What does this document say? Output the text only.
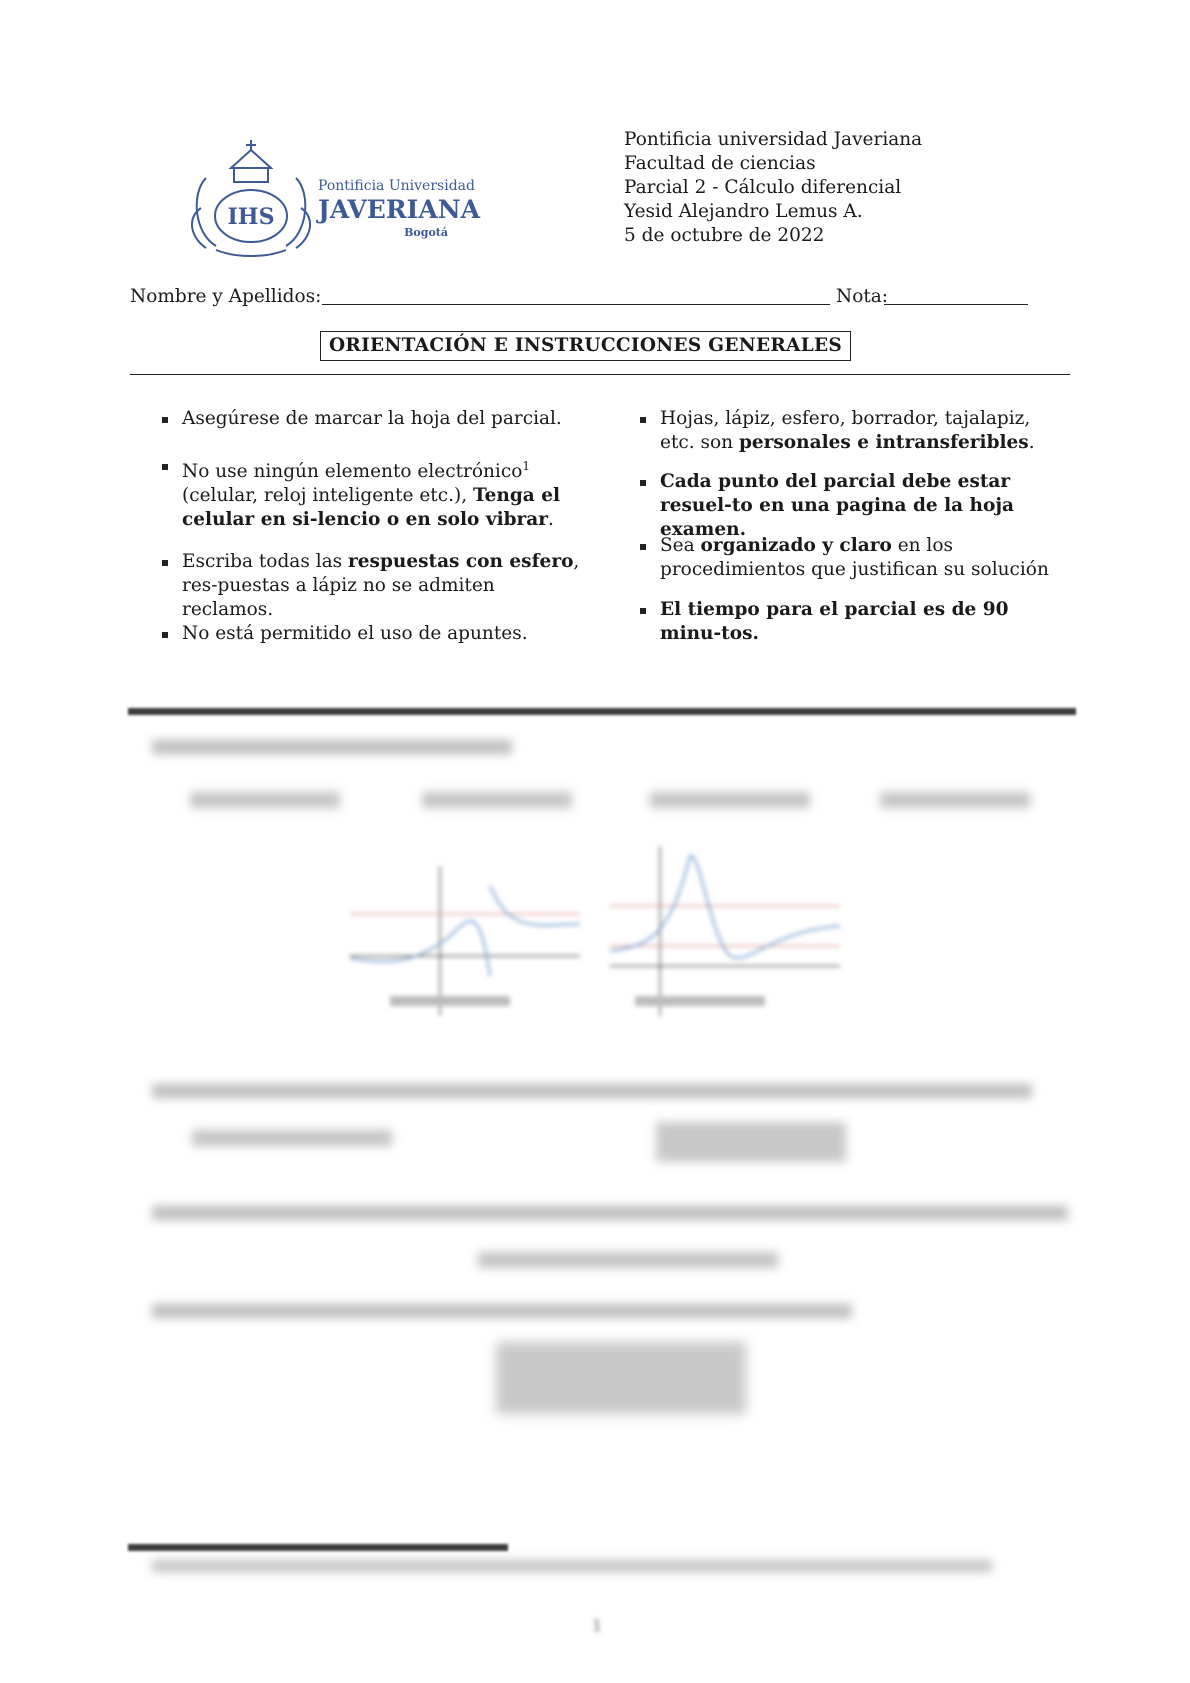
IHS
Pontificia Universidad
JAVERIANA
Bogotá
Pontificia universidad Javeriana
Facultad de ciencias
Parcial 2 - Cálculo diferencial
Yesid Alejandro Lemus A.
5 de octubre de 2022
Nombre y Apellidos:	Nota:
ORIENTACIÓN E INSTRUCCIONES GENERALES
Asegúrese de marcar la hoja del parcial.
No use ningún elemento electrónico$^1$ (celular, reloj inteligente etc.), Tenga el celular en si-lencio o en solo vibrar.
Escriba todas las respuestas con esfero, res-puestas a lápiz no se admiten reclamos.
No está permitido el uso de apuntes.
Hojas, lápiz, esfero, borrador, tajalapiz, etc. son personales e intransferibles.
Cada punto del parcial debe estar resuel-to en una pagina de la hoja examen.
Sea organizado y claro en los procedimientos que justifican su solución
El tiempo para el parcial es de 90 minu-tos.
1
